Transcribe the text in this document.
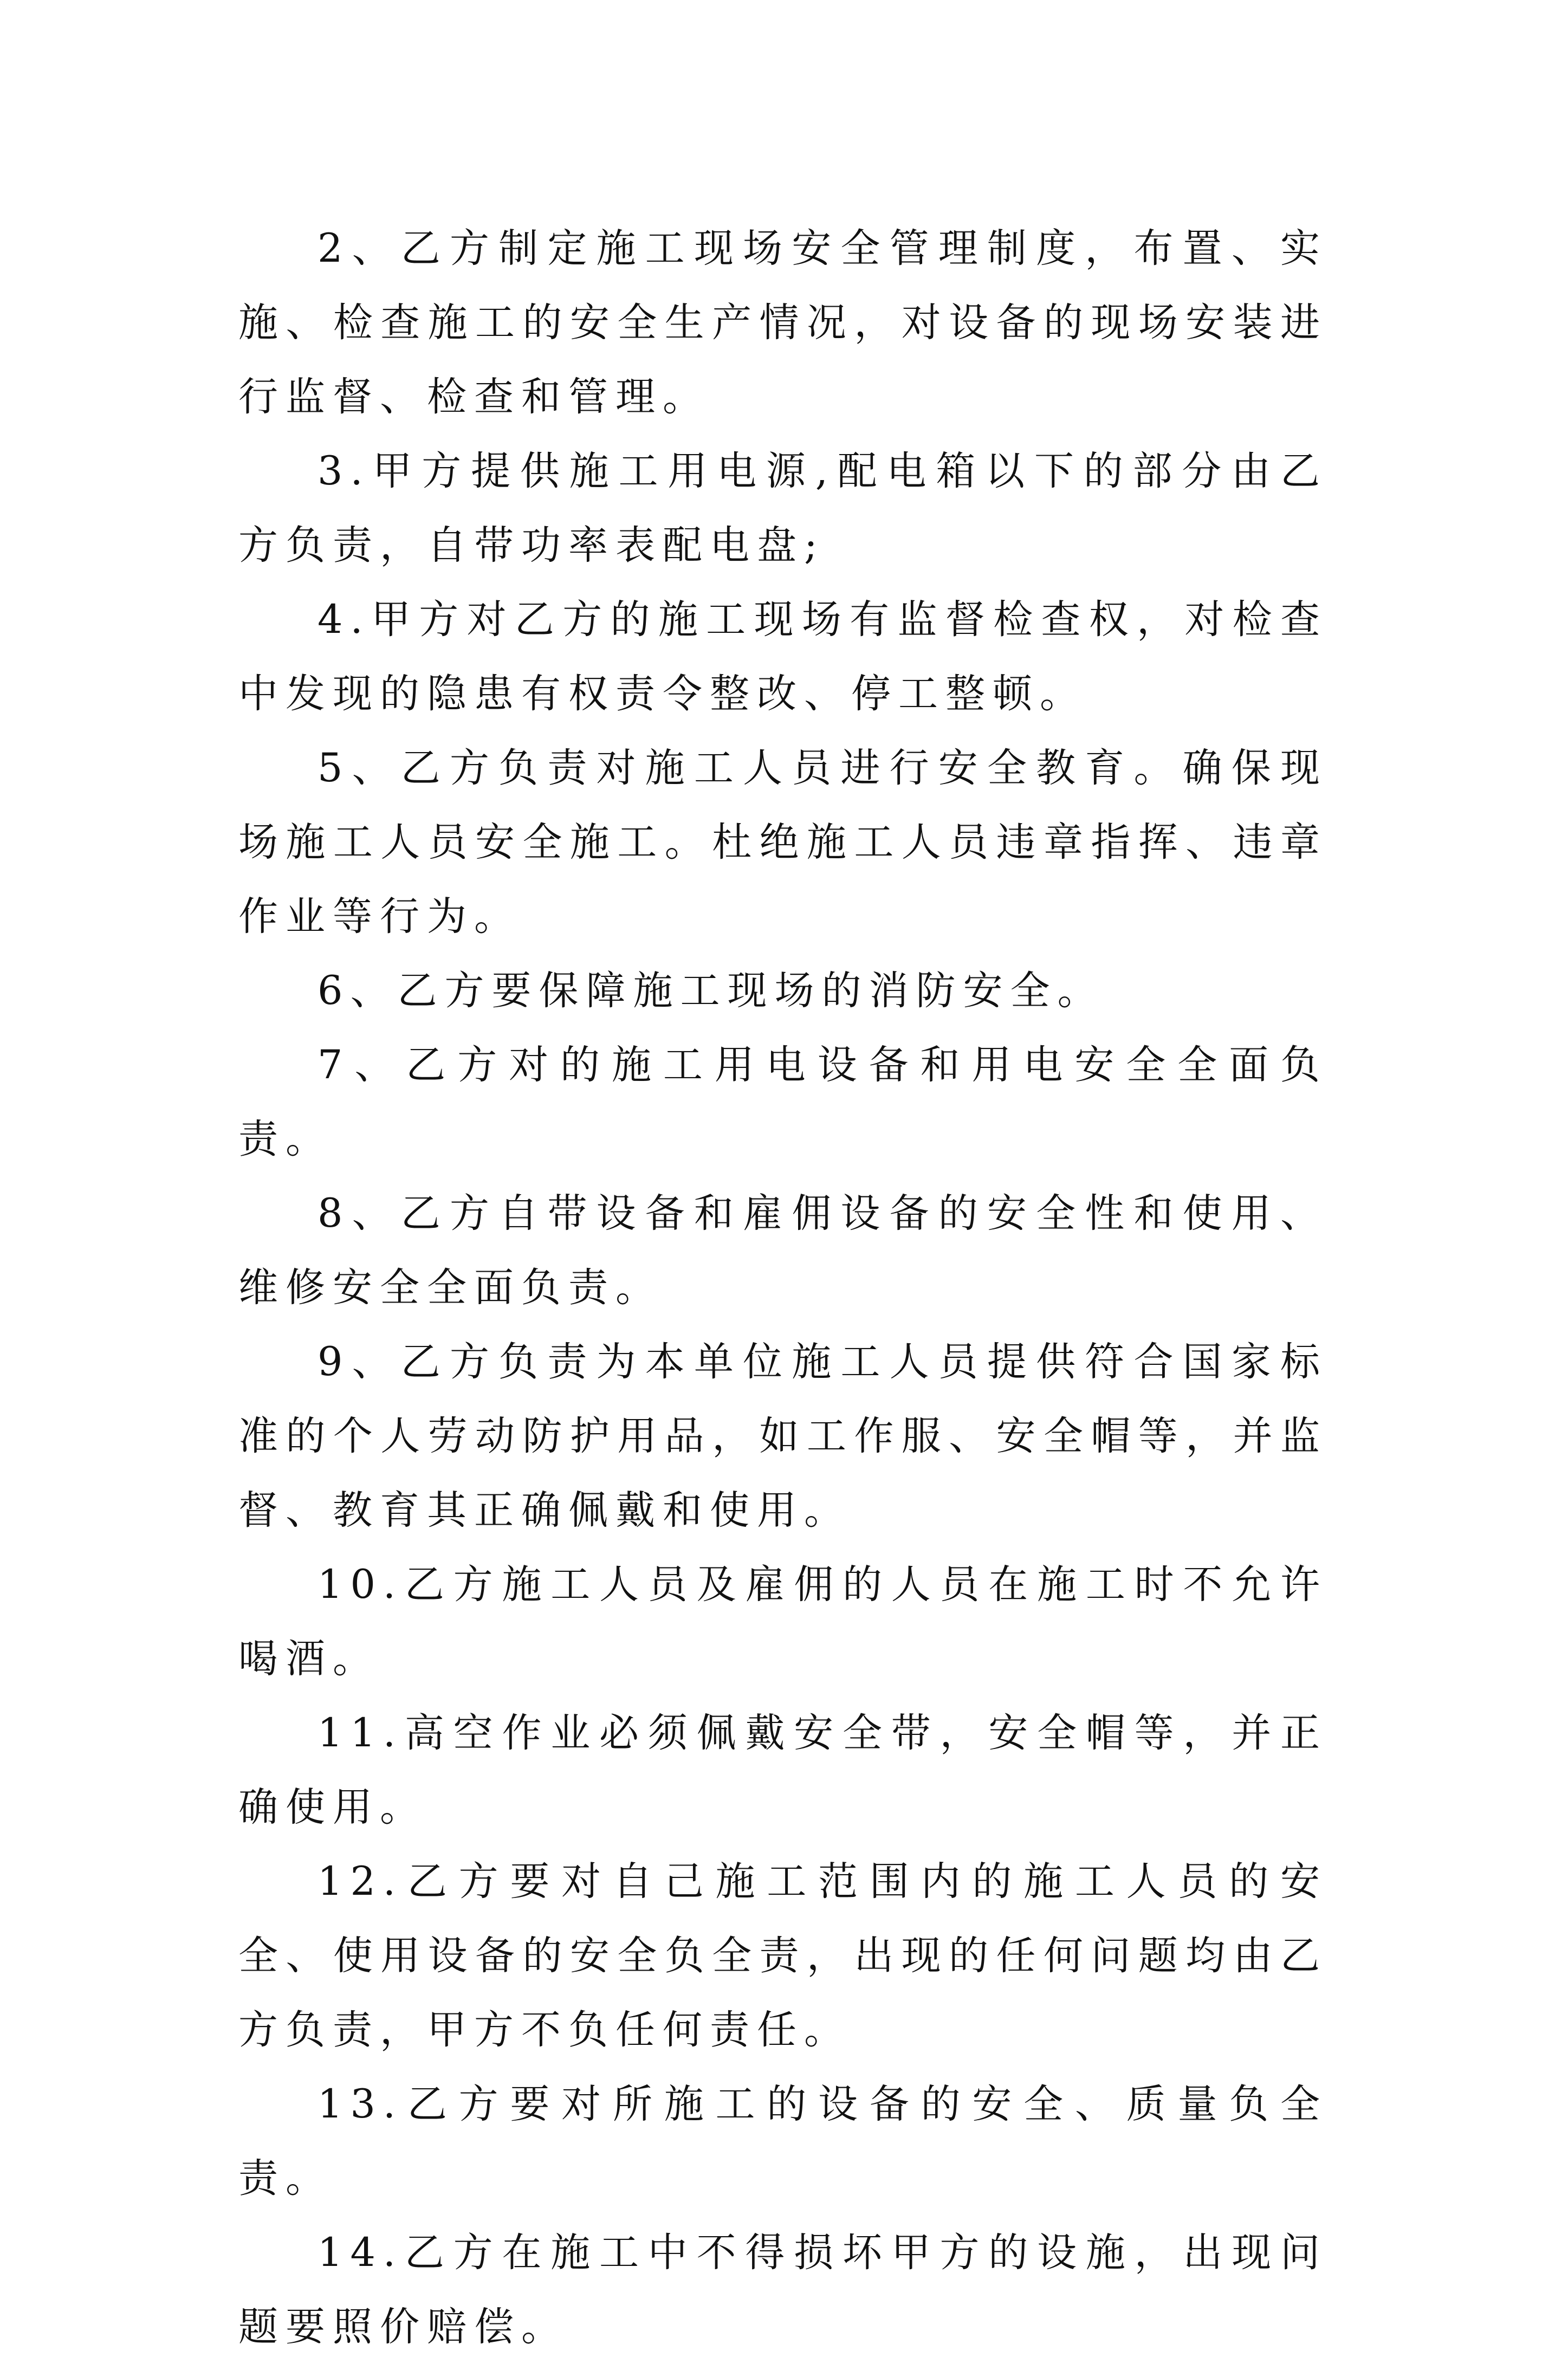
2、乙方制定施工现场安全管理制度，布置、实施、检查施工的安全生产情况，对设备的现场安装进行监督、检查和管理。

3.甲方提供施工用电源,配电箱以下的部分由乙方负责，自带功率表配电盘;

4.甲方对乙方的施工现场有监督检查权，对检查中发现的隐患有权责令整改、停工整顿。

5、乙方负责对施工人员进行安全教育。确保现场施工人员安全施工。杜绝施工人员违章指挥、违章作业等行为。

6、乙方要保障施工现场的消防安全。

7、乙方对的施工用电设备和用电安全全面负责。

8、乙方自带设备和雇佣设备的安全性和使用、维修安全全面负责。

9、乙方负责为本单位施工人员提供符合国家标准的个人劳动防护用品，如工作服、安全帽等，并监督、教育其正确佩戴和使用。

10.乙方施工人员及雇佣的人员在施工时不允许喝酒。

11.高空作业必须佩戴安全带，安全帽等，并正确使用。

12.乙方要对自己施工范围内的施工人员的安全、使用设备的安全负全责，出现的任何问题均由乙方负责，甲方不负任何责任。

13.乙方要对所施工的设备的安全、质量负全责。

14.乙方在施工中不得损坏甲方的设施，出现问题要照价赔偿。
